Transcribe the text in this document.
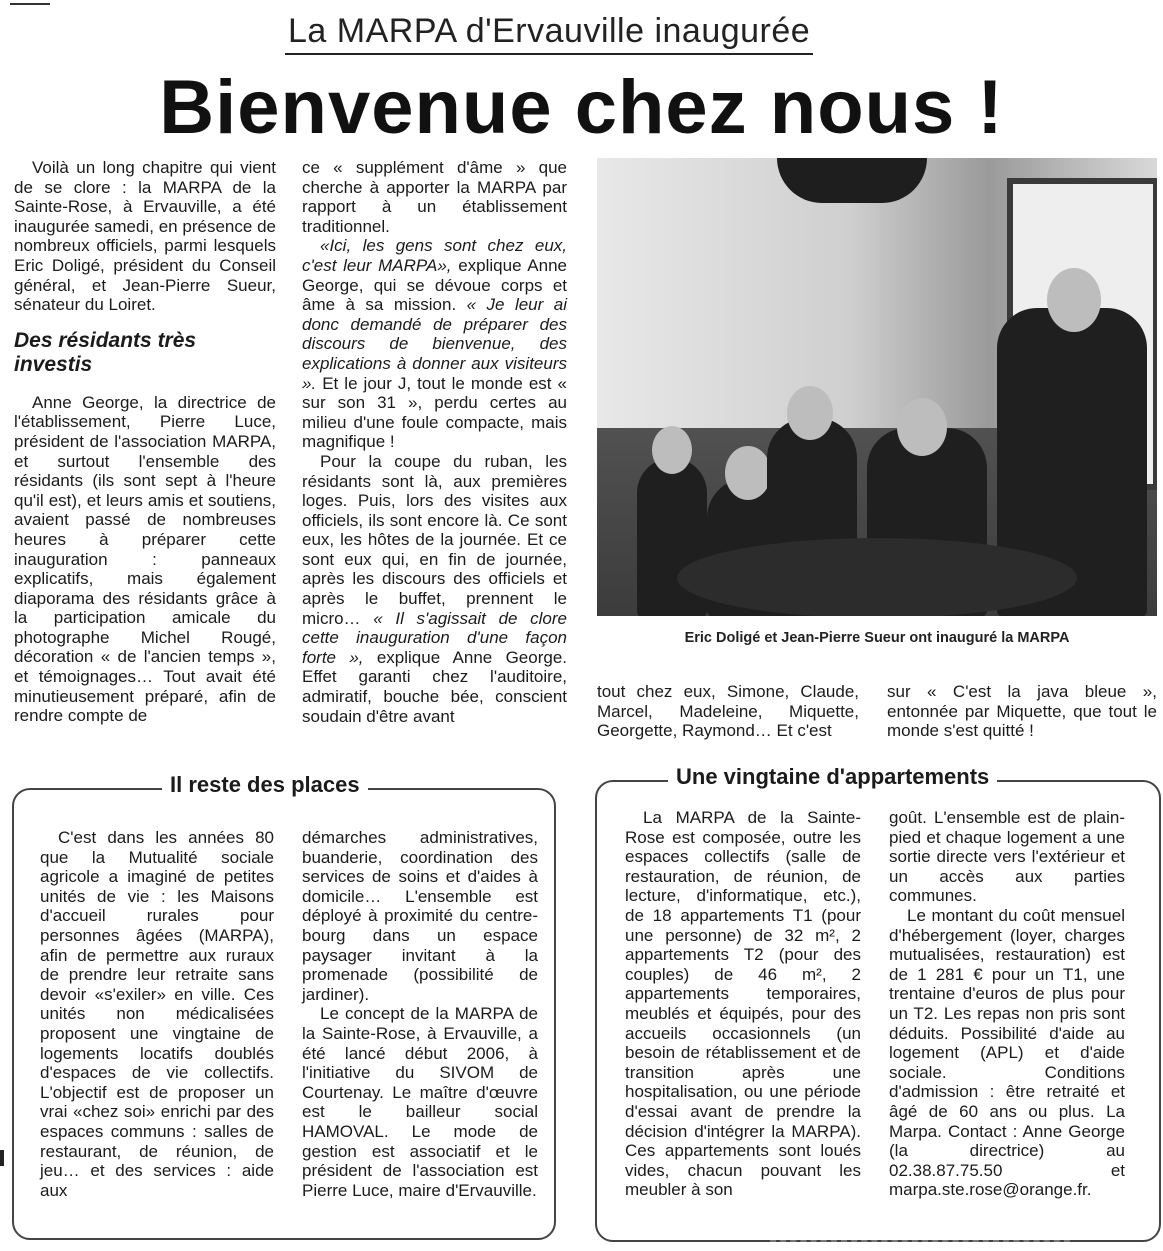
La MARPA d'Ervauville inaugurée
Bienvenue chez nous !

Voilà un long chapitre qui vient de se clore : la MARPA de la Sainte-Rose, à Ervauville, a été inaugurée samedi, en présence de nombreux officiels, parmi lesquels Eric Doligé, président du Conseil général, et Jean-Pierre Sueur, sénateur du Loiret.

Des résidants très investis

Anne George, la directrice de l'établissement, Pierre Luce, président de l'association MARPA, et surtout l'ensemble des résidants (ils sont sept à l'heure qu'il est), et leurs amis et soutiens, avaient passé de nombreuses heures à préparer cette inauguration : panneaux explicatifs, mais également diaporama des résidants grâce à la participation amicale du photographe Michel Rougé, décoration « de l'ancien temps », et témoignages… Tout avait été minutieusement préparé, afin de rendre compte de

ce « supplément d'âme » que cherche à apporter la MARPA par rapport à un établissement traditionnel.

«Ici, les gens sont chez eux, c'est leur MARPA», explique Anne George, qui se dévoue corps et âme à sa mission. « Je leur ai donc demandé de préparer des discours de bienvenue, des explications à donner aux visiteurs ». Et le jour J, tout le monde est « sur son 31 », perdu certes au milieu d'une foule compacte, mais magnifique !

Pour la coupe du ruban, les résidants sont là, aux premières loges. Puis, lors des visites aux officiels, ils sont encore là. Ce sont eux, les hôtes de la journée. Et ce sont eux qui, en fin de journée, après les discours des officiels et après le buffet, prennent le micro… « Il s'agissait de clore cette inauguration d'une façon forte », explique Anne George. Effet garanti chez l'auditoire, admiratif, bouche bée, conscient soudain d'être avant

Eric Doligé et Jean-Pierre Sueur ont inauguré la MARPA

tout chez eux, Simone, Claude, Marcel, Madeleine, Miquette, Georgette, Raymond… Et c'est

sur « C'est la java bleue », entonnée par Miquette, que tout le monde s'est quitté !

Il reste des places

C'est dans les années 80 que la Mutualité sociale agricole a imaginé de petites unités de vie : les Maisons d'accueil rurales pour personnes âgées (MARPA), afin de permettre aux ruraux de prendre leur retraite sans devoir «s'exiler» en ville. Ces unités non médicalisées proposent une vingtaine de logements locatifs doublés d'espaces de vie collectifs. L'objectif est de proposer un vrai «chez soi» enrichi par des espaces communs : salles de restaurant, de réunion, de jeu… et des services : aide aux

démarches administratives, buanderie, coordination des services de soins et d'aides à domicile… L'ensemble est déployé à proximité du centre-bourg dans un espace paysager invitant à la promenade (possibilité de jardiner).

Le concept de la MARPA de la Sainte-Rose, à Ervauville, a été lancé début 2006, à l'initiative du SIVOM de Courtenay. Le maître d'œuvre est le bailleur social HAMOVAL. Le mode de gestion est associatif et le président de l'association est Pierre Luce, maire d'Ervauville.

Une vingtaine d'appartements

La MARPA de la Sainte-Rose est composée, outre les espaces collectifs (salle de restauration, de réunion, de lecture, d'informatique, etc.), de 18 appartements T1 (pour une personne) de 32 m², 2 appartements T2 (pour des couples) de 46 m², 2 appartements temporaires, meublés et équipés, pour des accueils occasionnels (un besoin de rétablissement et de transition après une hospitalisation, ou une période d'essai avant de prendre la décision d'intégrer la MARPA). Ces appartements sont loués vides, chacun pouvant les meubler à son

goût. L'ensemble est de plain-pied et chaque logement a une sortie directe vers l'extérieur et un accès aux parties communes.

Le montant du coût mensuel d'hébergement (loyer, charges mutualisées, restauration) est de 1 281 € pour un T1, une trentaine d'euros de plus pour un T2. Les repas non pris sont déduits. Possibilité d'aide au logement (APL) et d'aide sociale. Conditions d'admission : être retraité et âgé de 60 ans ou plus. La Marpa. Contact : Anne George (la directrice) au 02.38.87.75.50 et marpa.ste.rose@orange.fr.
